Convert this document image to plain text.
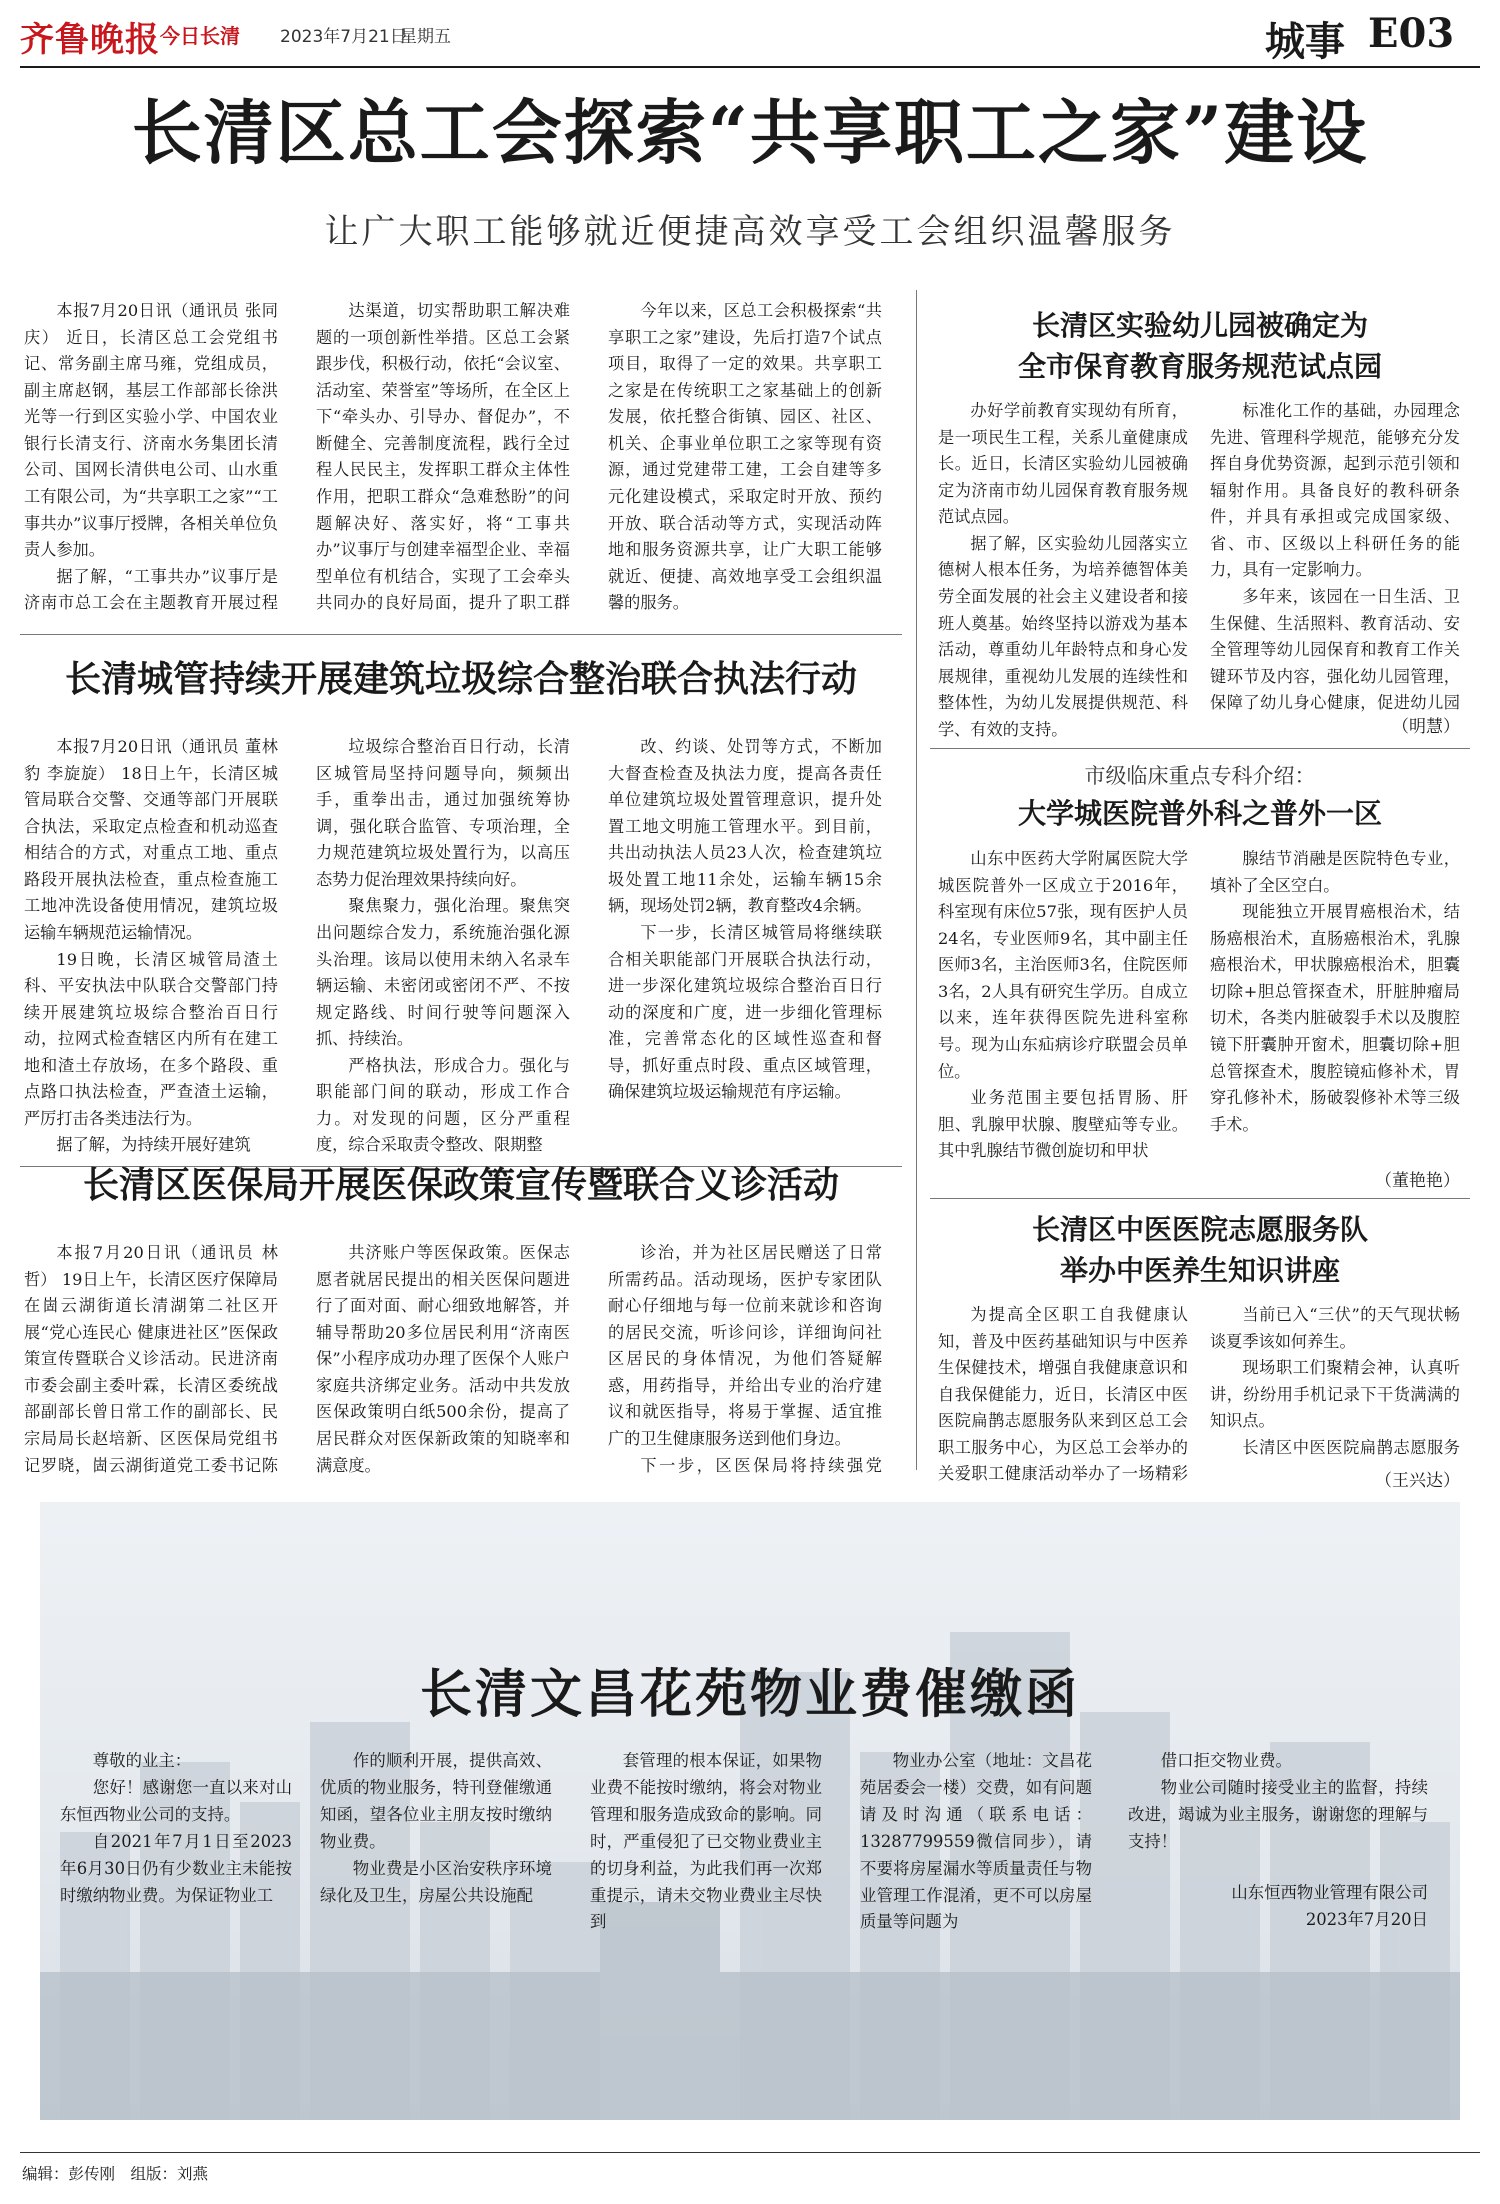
齐鲁晚报 今日长清 2023年7月21日
星期五	城事 E03
长清区总工会探索“共享职工之家”建设
让广大职工能够就近便捷高效享受工会组织温馨服务

本报7月20日讯（通讯员 张同庆） 近日，长清区总工会党组书记、常务副主席马雍，党组成员，副主席赵钢，基层工作部部长徐洪光等一行到区实验小学、中国农业银行长清支行、济南水务集团长清公司、国网长清供电公司、山水重工有限公司，为“共享职工之家”“工事共办”议事厅授牌，各相关单位负责人参加。

据了解，“工事共办”议事厅是济南市总工会在主题教育开展过程

达渠道，切实帮助职工解决难题的一项创新性举措。区总工会紧跟步伐，积极行动，依托“会议室、活动室、荣誉室”等场所，在全区上下“牵头办、引导办、督促办”，不断健全、完善制度流程，践行全过程人民民主，发挥职工群众主体性作用，把职工群众“急难愁盼”的问题解决好、落实好，将“工事共办”议事厅与创建幸福型企业、幸福型单位有机结合，实现了工会牵头共同办的良好局面，提升了职工群

今年以来，区总工会积极探索“共享职工之家”建设，先后打造7个试点项目，取得了一定的效果。共享职工之家是在传统职工之家基础上的创新发展，依托整合街镇、园区、社区、机关、企事业单位职工之家等现有资源，通过党建带工建，工会自建等多元化建设模式，采取定时开放、预约开放、联合活动等方式，实现活动阵地和服务资源共享，让广大职工能够就近、便捷、高效地享受工会组织温馨的服务。

长清区实验幼儿园被确定为
全市保育教育服务规范试点园

办好学前教育实现幼有所育，是一项民生工程，关系儿童健康成长。近日，长清区实验幼儿园被确定为济南市幼儿园保育教育服务规范试点园。

据了解，区实验幼儿园落实立德树人根本任务，为培养德智体美劳全面发展的社会主义建设者和接班人奠基。始终坚持以游戏为基本活动，尊重幼儿年龄特点和身心发展规律，重视幼儿发展的连续性和整体性，为幼儿发展提供规范、科学、有效的支持。

标准化工作的基础，办园理念先进、管理科学规范，能够充分发挥自身优势资源，起到示范引领和辐射作用。具备良好的教科研条件，并具有承担或完成国家级、省、市、区级以上科研任务的能力，具有一定影响力。

多年来，该园在一日生活、卫生保健、生活照料、教育活动、安全管理等幼儿园保育和教育工作关键环节及内容，强化幼儿园管理，保障了幼儿身心健康，促进幼儿园

（明慧）
市级临床重点专科介绍：
大学城医院普外科之普外一区

山东中医药大学附属医院大学城医院普外一区成立于2016年，科室现有床位57张，现有医护人员24名，专业医师9名，其中副主任医师3名，主治医师3名，住院医师3名，2人具有研究生学历。自成立以来，连年获得医院先进科室称号。现为山东疝病诊疗联盟会员单位。

业务范围主要包括胃肠、肝胆、乳腺甲状腺、腹壁疝等专业。其中乳腺结节微创旋切和甲状

腺结节消融是医院特色专业，填补了全区空白。

现能独立开展胃癌根治术，结肠癌根治术，直肠癌根治术，乳腺癌根治术，甲状腺癌根治术，胆囊切除+胆总管探查术，肝脏肿瘤局切术，各类内脏破裂手术以及腹腔镜下肝囊肿开窗术，胆囊切除+胆总管探查术，腹腔镜疝修补术，胃穿孔修补术，肠破裂修补术等三级手术。

（董艳艳）
长清区中医医院志愿服务队
举办中医养生知识讲座

为提高全区职工自我健康认知，普及中医药基础知识与中医养生保健技术，增强自我健康意识和自我保健能力，近日，长清区中医医院扁鹊志愿服务队来到区总工会职工服务中心，为区总工会举办的关爱职工健康活动举办了一场精彩

当前已入“三伏”的天气现状畅谈夏季该如何养生。

现场职工们聚精会神，认真听讲，纷纷用手机记录下干货满满的知识点。

长清区中医医院扁鹊志愿服务

（王兴达）
长清城管持续开展建筑垃圾综合整治联合执法行动

本报7月20日讯（通讯员 董林豹 李旋旋） 18日上午，长清区城管局联合交警、交通等部门开展联合执法，采取定点检查和机动巡查相结合的方式，对重点工地、重点路段开展执法检查，重点检查施工工地冲洗设备使用情况，建筑垃圾运输车辆规范运输情况。

19日晚，长清区城管局渣土科、平安执法中队联合交警部门持续开展建筑垃圾综合整治百日行动，拉网式检查辖区内所有在建工地和渣土存放场，在多个路段、重点路口执法检查，严查渣土运输，严厉打击各类违法行为。

据了解，为持续开展好建筑

垃圾综合整治百日行动，长清区城管局坚持问题导向，频频出手，重拳出击，通过加强统筹协调，强化联合监管、专项治理，全力规范建筑垃圾处置行为，以高压态势力促治理效果持续向好。

聚焦聚力，强化治理。聚焦突出问题综合发力，系统施治强化源头治理。该局以使用未纳入名录车辆运输、未密闭或密闭不严、不按规定路线、时间行驶等问题深入抓、持续治。

严格执法，形成合力。强化与职能部门间的联动，形成工作合力。对发现的问题，区分严重程度，综合采取责令整改、限期整

改、约谈、处罚等方式，不断加大督查检查及执法力度，提高各责任单位建筑垃圾处置管理意识，提升处置工地文明施工管理水平。到目前，共出动执法人员23人次，检查建筑垃圾处置工地11余处，运输车辆15余辆，现场处罚2辆，教育整改4余辆。

下一步，长清区城管局将继续联合相关职能部门开展联合执法行动，进一步深化建筑垃圾综合整治百日行动的深度和广度，进一步细化管理标准，完善常态化的区域性巡查和督导，抓好重点时段、重点区域管理，确保建筑垃圾运输规范有序运输。

长清区医保局开展医保政策宣传暨联合义诊活动

本报7月20日讯（通讯员 林哲） 19日上午，长清区医疗保障局在崮云湖街道长清湖第二社区开展“党心连民心 健康进社区”医保政策宣传暨联合义诊活动。民进济南市委会副主委叶霖，长清区委统战部副部长曾日常工作的副部长、民宗局局长赵培新、区医保局党组书记罗晓，崮云湖街道党工委书记陈

共济账户等医保政策。医保志愿者就居民提出的相关医保问题进行了面对面、耐心细致地解答，并辅导帮助20多位居民利用“济南医保”小程序成功办理了医保个人账户家庭共济绑定业务。活动中共发放医保政策明白纸500余份，提高了居民群众对医保新政策的知晓率和满意度。

诊治，并为社区居民赠送了日常所需药品。活动现场，医护专家团队耐心仔细地与每一位前来就诊和咨询的居民交流，听诊问诊，详细询问社区居民的身体情况，为他们答疑解惑，用药指导，并给出专业的治疗建议和就医指导，将易于掌握、适宜推广的卫生健康服务送到他们身边。

下一步，区医保局将持续强党

长清文昌花苑物业费催缴函

尊敬的业主：

您好！感谢您一直以来对山东恒西物业公司的支持。

自2021年7月1日至2023年6月30日仍有少数业主未能按时缴纳物业费。为保证物业工

作的顺利开展，提供高效、优质的物业服务，特刊登催缴通知函，望各位业主朋友按时缴纳物业费。

物业费是小区治安秩序环境绿化及卫生，房屋公共设施配

套管理的根本保证，如果物业费不能按时缴纳，将会对物业管理和服务造成致命的影响。同时，严重侵犯了已交物业费业主的切身利益，为此我们再一次郑重提示，请未交物业费业主尽快到

物业办公室（地址：文昌花苑居委会一楼）交费，如有问题请及时沟通（联系电话：13287799559微信同步），请不要将房屋漏水等质量责任与物业管理工作混淆，更不可以房屋质量等问题为

借口拒交物业费。

物业公司随时接受业主的监督，持续改进，竭诚为业主服务，谢谢您的理解与支持！

山东恒西物业管理有限公司
2023年7月20日
编辑：彭传刚　组版：刘燕
